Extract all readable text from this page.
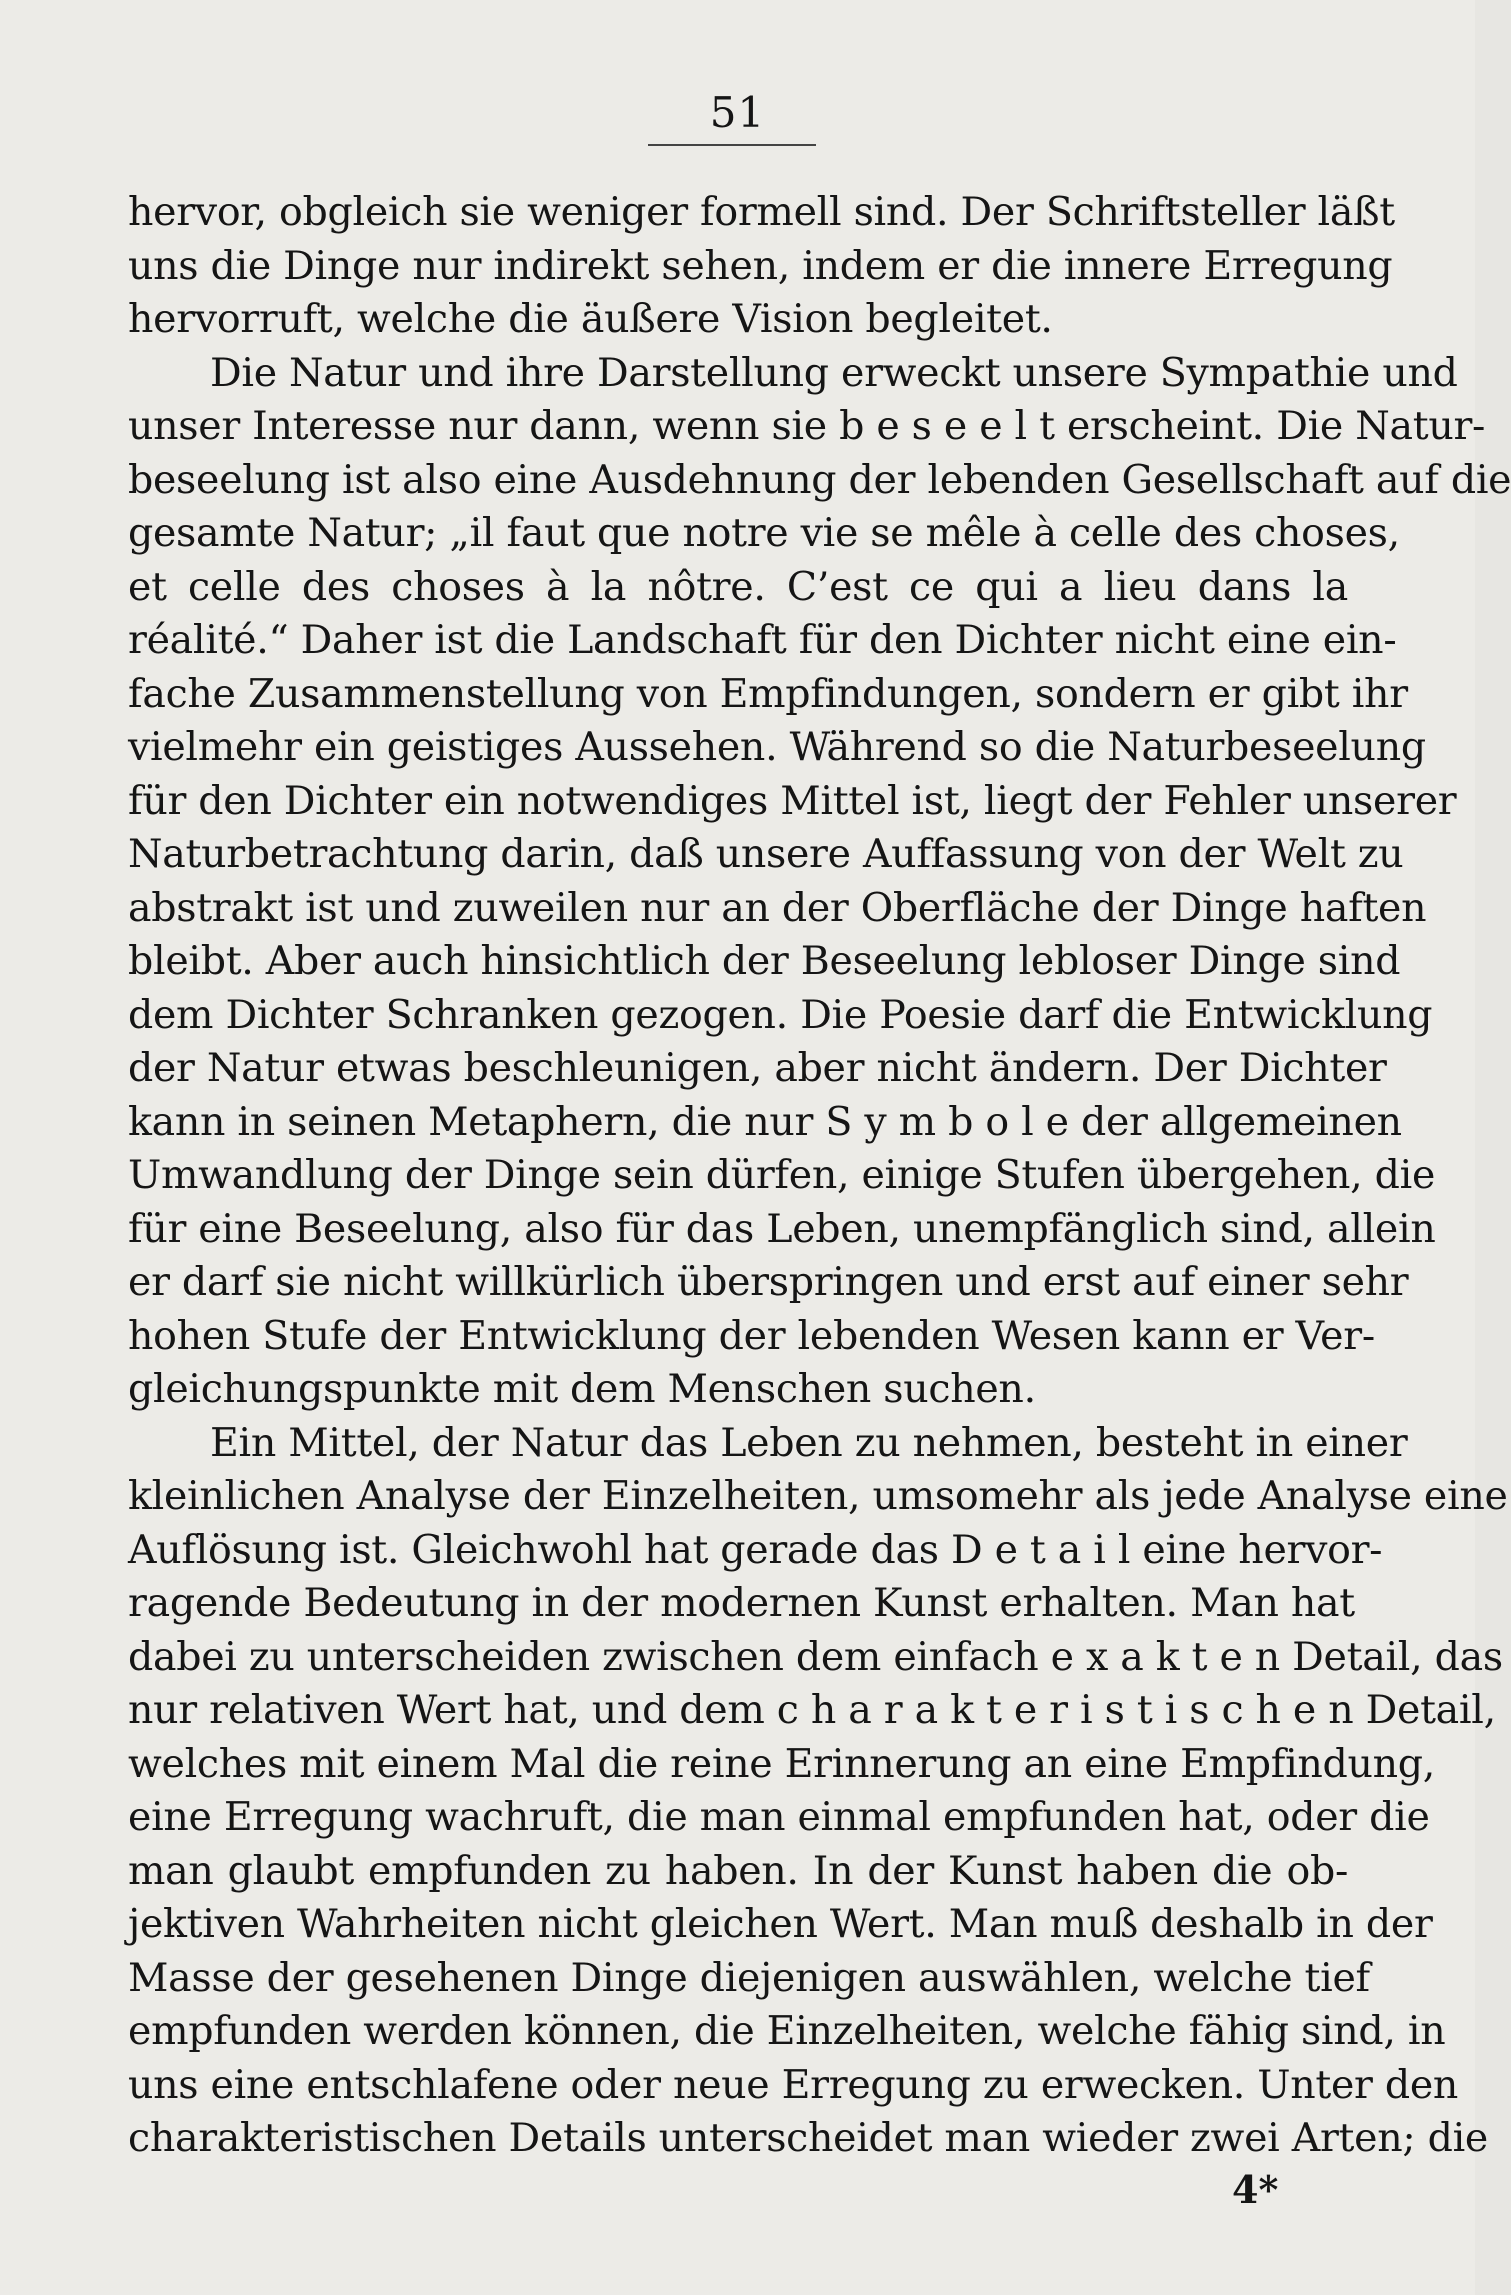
51
hervor, obgleich sie weniger formell sind. Der Schriftsteller läßt
uns die Dinge nur indirekt sehen, indem er die innere Erregung
hervorruft, welche die äußere Vision begleitet.
Die Natur und ihre Darstellung erweckt unsere Sympathie und
unser Interesse nur dann, wenn sie b e s e e l t erscheint. Die Natur-
beseelung ist also eine Ausdehnung der lebenden Gesellschaft auf die
gesamte Natur; „il faut que notre vie se mêle à celle des choses,
et celle des choses à la nôtre. C’est ce qui a lieu dans la
réalité.“ Daher ist die Landschaft für den Dichter nicht eine ein-
fache Zusammenstellung von Empfindungen, sondern er gibt ihr
vielmehr ein geistiges Aussehen. Während so die Naturbeseelung
für den Dichter ein notwendiges Mittel ist, liegt der Fehler unserer
Naturbetrachtung darin, daß unsere Auffassung von der Welt zu
abstrakt ist und zuweilen nur an der Oberfläche der Dinge haften
bleibt. Aber auch hinsichtlich der Beseelung lebloser Dinge sind
dem Dichter Schranken gezogen. Die Poesie darf die Entwicklung
der Natur etwas beschleunigen, aber nicht ändern. Der Dichter
kann in seinen Metaphern, die nur S y m b o l e der allgemeinen
Umwandlung der Dinge sein dürfen, einige Stufen übergehen, die
für eine Beseelung, also für das Leben, unempfänglich sind, allein
er darf sie nicht willkürlich überspringen und erst auf einer sehr
hohen Stufe der Entwicklung der lebenden Wesen kann er Ver-
gleichungspunkte mit dem Menschen suchen.
Ein Mittel, der Natur das Leben zu nehmen, besteht in einer
kleinlichen Analyse der Einzelheiten, umsomehr als jede Analyse eine
Auflösung ist. Gleichwohl hat gerade das D e t a i l eine hervor-
ragende Bedeutung in der modernen Kunst erhalten. Man hat
dabei zu unterscheiden zwischen dem einfach e x a k t e n Detail, das
nur relativen Wert hat, und dem c h a r a k t e r i s t i s c h e n Detail,
welches mit einem Mal die reine Erinnerung an eine Empfindung,
eine Erregung wachruft, die man einmal empfunden hat, oder die
man glaubt empfunden zu haben. In der Kunst haben die ob-
jektiven Wahrheiten nicht gleichen Wert. Man muß deshalb in der
Masse der gesehenen Dinge diejenigen auswählen, welche tief
empfunden werden können, die Einzelheiten, welche fähig sind, in
uns eine entschlafene oder neue Erregung zu erwecken. Unter den
charakteristischen Details unterscheidet man wieder zwei Arten; die
4*
